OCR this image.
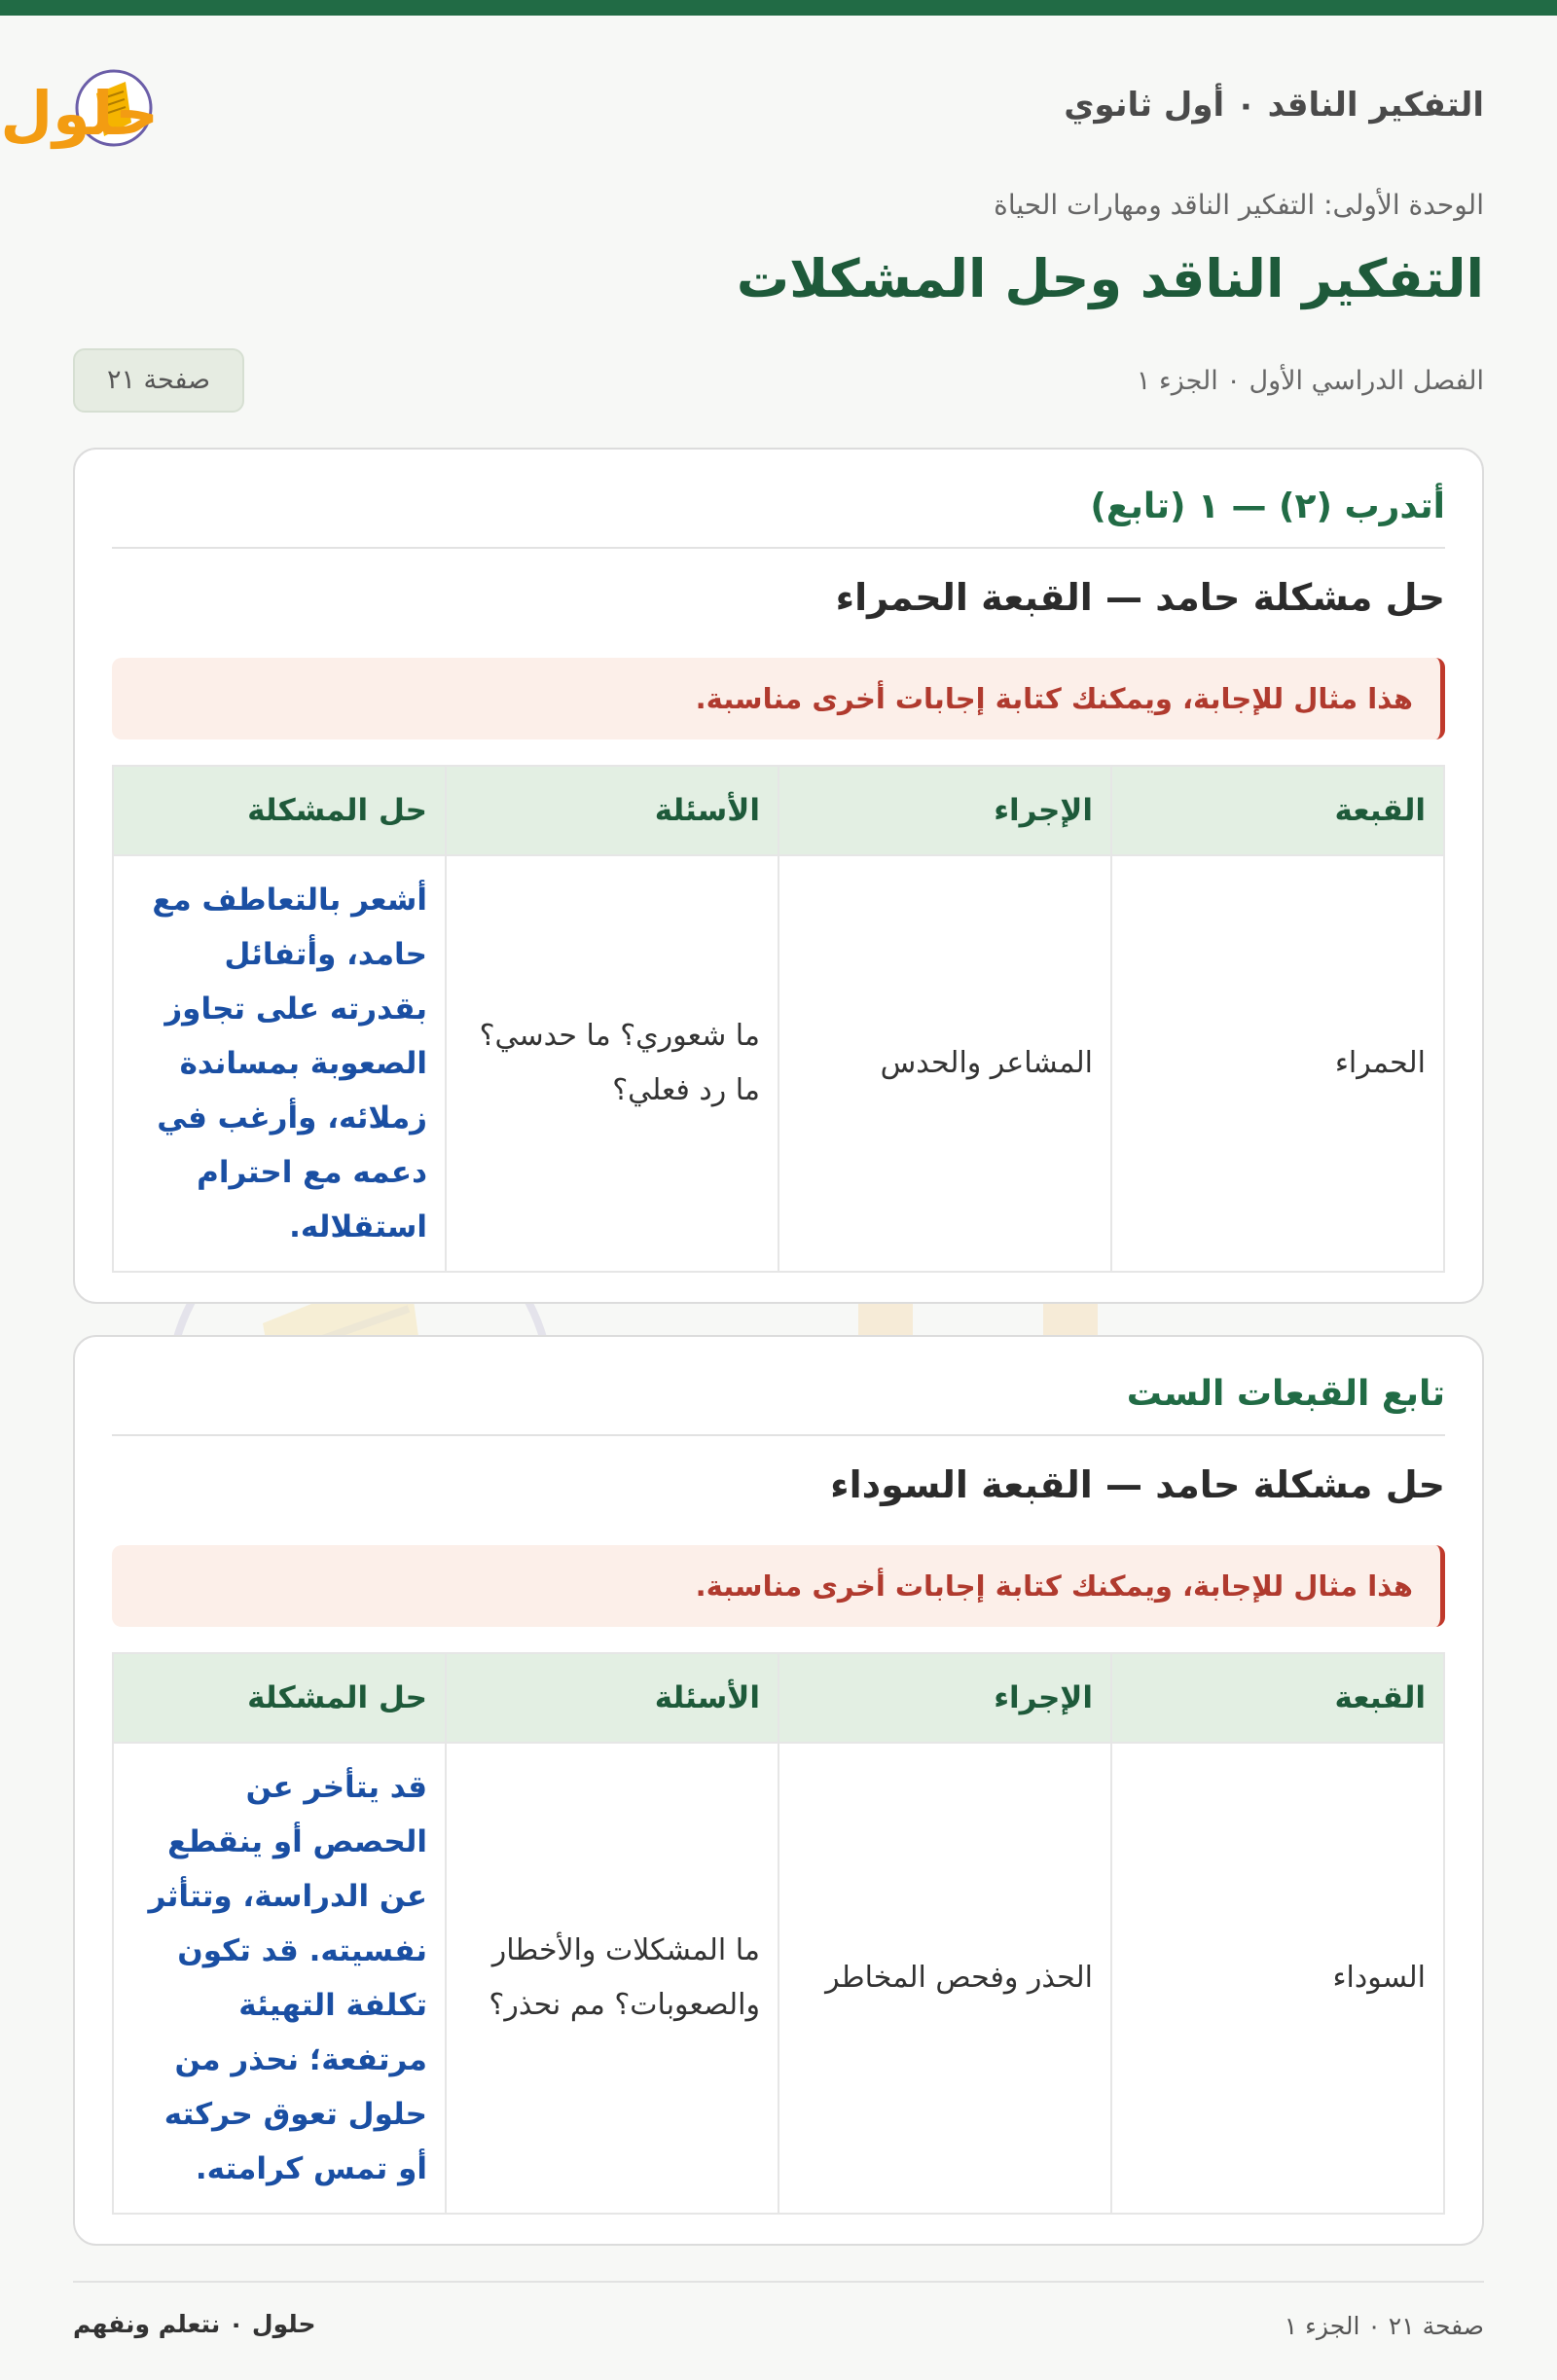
التفكير الناقد ٠ أول ثانوي
حلول
الوحدة الأولى: التفكير الناقد ومهارات الحياة
التفكير الناقد وحل المشكلات
الفصل الدراسي الأول ٠ الجزء ١
صفحة ٢١
أتدرب (٢) — ١ (تابع)
حل مشكلة حامد — القبعة الحمراء
هذا مثال للإجابة، ويمكنك كتابة إجابات أخرى مناسبة.
القبعة	الإجراء	الأسئلة	حل المشكلة
الحمراء	المشاعر والحدس	ما شعوري؟ ما حدسي؟ ما رد فعلي؟	أشعر بالتعاطف مع حامد، وأتفائل بقدرته على تجاوز الصعوبة بمساندة زملائه، وأرغب في دعمه مع احترام استقلاله.
تابع القبعات الست
حل مشكلة حامد — القبعة السوداء
هذا مثال للإجابة، ويمكنك كتابة إجابات أخرى مناسبة.
القبعة	الإجراء	الأسئلة	حل المشكلة
السوداء	الحذر وفحص المخاطر	ما المشكلات والأخطار والصعوبات؟ مم نحذر؟	قد يتأخر عن الحصص أو ينقطع عن الدراسة، وتتأثر نفسيته. قد تكون تكلفة التهيئة مرتفعة؛ نحذر من حلول تعوق حركته أو تمس كرامته.
صفحة ٢١ ٠ الجزء ١
حلول ٠ نتعلم ونفهم
